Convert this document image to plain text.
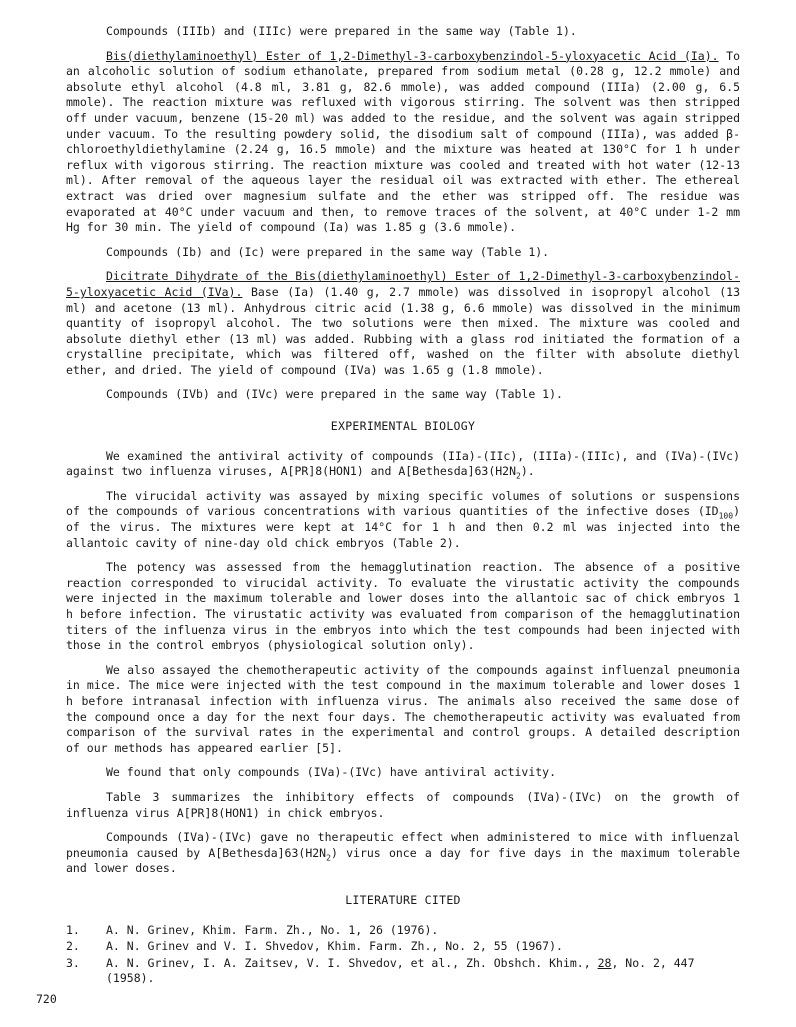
Compounds (IIIb) and (IIIc) were prepared in the same way (Table 1).

Bis(diethylaminoethyl) Ester of 1,2-Dimethyl-3-carboxybenzindol-5-yloxyacetic Acid (Ia). To an alcoholic solution of sodium ethanolate, prepared from sodium metal (0.28 g, 12.2 mmole) and absolute ethyl alcohol (4.8 ml, 3.81 g, 82.6 mmole), was added compound (IIIa) (2.00 g, 6.5 mmole). The reaction mixture was refluxed with vigorous stirring. The solvent was then stripped off under vacuum, benzene (15-20 ml) was added to the residue, and the solvent was again stripped under vacuum. To the resulting powdery solid, the disodium salt of compound (IIIa), was added β-chloroethyldiethylamine (2.24 g, 16.5 mmole) and the mixture was heated at 130°C for 1 h under reflux with vigorous stirring. The reaction mixture was cooled and treated with hot water (12-13 ml). After removal of the aqueous layer the residual oil was extracted with ether. The ethereal extract was dried over magnesium sulfate and the ether was stripped off. The residue was evaporated at 40°C under vacuum and then, to remove traces of the solvent, at 40°C under 1-2 mm Hg for 30 min. The yield of compound (Ia) was 1.85 g (3.6 mmole).

Compounds (Ib) and (Ic) were prepared in the same way (Table 1).

Dicitrate Dihydrate of the Bis(diethylaminoethyl) Ester of 1,2-Dimethyl-3-carboxybenzindol-5-yloxyacetic Acid (IVa). Base (Ia) (1.40 g, 2.7 mmole) was dissolved in isopropyl alcohol (13 ml) and acetone (13 ml). Anhydrous citric acid (1.38 g, 6.6 mmole) was dissolved in the minimum quantity of isopropyl alcohol. The two solutions were then mixed. The mixture was cooled and absolute diethyl ether (13 ml) was added. Rubbing with a glass rod initiated the formation of a crystalline precipitate, which was filtered off, washed on the filter with absolute diethyl ether, and dried. The yield of compound (IVa) was 1.65 g (1.8 mmole).

Compounds (IVb) and (IVc) were prepared in the same way (Table 1).

EXPERIMENTAL BIOLOGY

We examined the antiviral activity of compounds (IIa)-(IIc), (IIIa)-(IIIc), and (IVa)-(IVc) against two influenza viruses, A[PR]8(HON1) and $A[Bethesda]63(H2N_2)$.

The virucidal activity was assayed by mixing specific volumes of solutions or suspensions of the compounds of various concentrations with various quantities of the infective doses $(ID_{100})$ of the virus. The mixtures were kept at 14°C for 1 h and then 0.2 ml was injected into the allantoic cavity of nine-day old chick embryos (Table 2).

The potency was assessed from the hemagglutination reaction. The absence of a positive reaction corresponded to virucidal activity. To evaluate the virustatic activity the compounds were injected in the maximum tolerable and lower doses into the allantoic sac of chick embryos 1 h before infection. The virustatic activity was evaluated from comparison of the hemagglutination titers of the influenza virus in the embryos into which the test compounds had been injected with those in the control embryos (physiological solution only).

We also assayed the chemotherapeutic activity of the compounds against influenzal pneumonia in mice. The mice were injected with the test compound in the maximum tolerable and lower doses 1 h before intranasal infection with influenza virus. The animals also received the same dose of the compound once a day for the next four days. The chemotherapeutic activity was evaluated from comparison of the survival rates in the experimental and control groups. A detailed description of our methods has appeared earlier [5].

We found that only compounds (IVa)-(IVc) have antiviral activity.

Table 3 summarizes the inhibitory effects of compounds (IVa)-(IVc) on the growth of influenza virus A[PR]8(HON1) in chick embryos.

Compounds (IVa)-(IVc) gave no therapeutic effect when administered to mice with influenzal pneumonia caused by $A[Bethesda]63(H2N_2)$ virus once a day for five days in the maximum tolerable and lower doses.

LITERATURE CITED
1.	A. N. Grinev, Khim. Farm. Zh., No. 1, 26 (1976).
2.	A. N. Grinev and V. I. Shvedov, Khim. Farm. Zh., No. 2, 55 (1967).
3.	A. N. Grinev, I. A. Zaitsev, V. I. Shvedov, et al., Zh. Obshch. Khim., 28, No. 2, 447 (1958).
720
